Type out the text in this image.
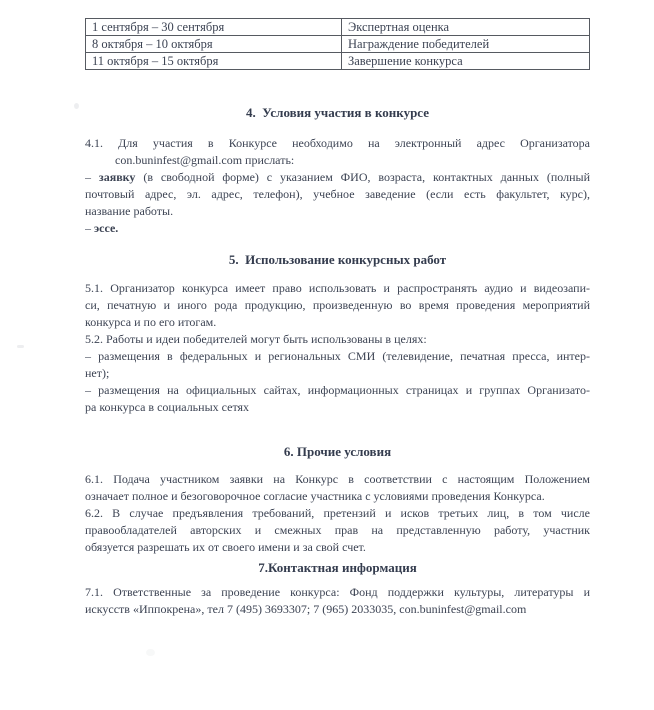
1 сентября – 30 сентября	Экспертная оценка
8 октября – 10 октября	Награждение победителей
11 октября – 15 октября	Завершение конкурса
4.  Условия участия в конкурсе
4.1. Для участия в Конкурсе необходимо на электронный адрес Организатора
con.buninfest@gmail.com прислать:
– заявку (в свободной форме) с указанием ФИО, возраста, контактных данных (полный
почтовый адрес, эл. адрес, телефон), учебное заведение (если есть факультет, курс),
название работы.
– эссе.
5.  Использование конкурсных работ
5.1. Организатор конкурса имеет право использовать и распространять аудио и видеозапи-
си, печатную и иного рода продукцию, произведенную во время проведения мероприятий
конкурса и по его итогам.
5.2. Работы и идеи победителей могут быть использованы в целях:
– размещения в федеральных и региональных СМИ (телевидение, печатная пресса, интер-
нет);
– размещения на официальных сайтах, информационных страницах и группах Организато-
ра конкурса в социальных сетях
6. Прочие условия
6.1. Подача участником заявки на Конкурс в соответствии с настоящим Положением
означает полное и безоговорочное согласие участника с условиями проведения Конкурса.
6.2. В случае предъявления требований, претензий и исков третьих лиц, в том числе
правообладателей авторских и смежных прав на представленную работу, участник
обязуется разрешать их от своего имени и за свой счет.
7.Контактная информация
7.1. Ответственные за проведение конкурса: Фонд поддержки культуры, литературы и
искусств «Иппокрена», тел 7 (495) 3693307; 7 (965) 2033035, con.buninfest@gmail.com
